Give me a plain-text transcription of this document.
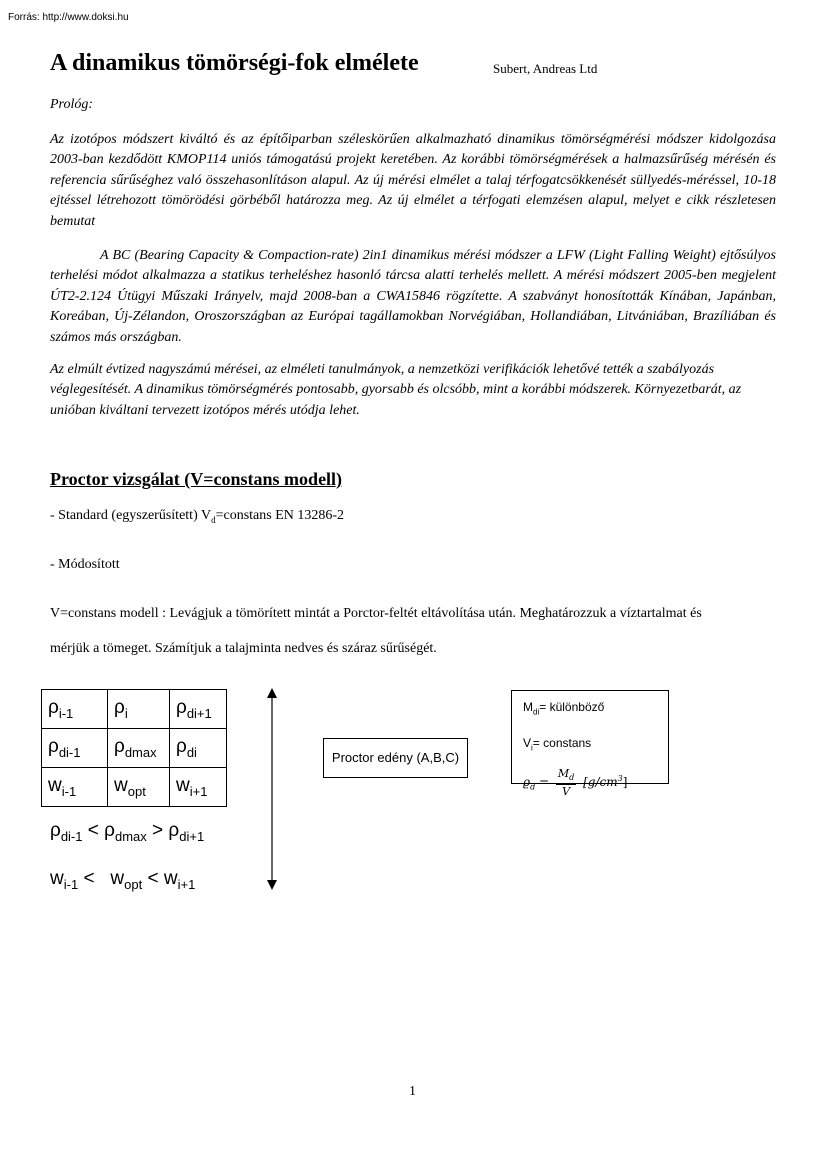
Forrás: http://www.doksi.hu
A dinamikus tömörségi-fok elmélete	Subert, Andreas Ltd
Prológ:

Az izotópos módszert kiváltó és az építőiparban széleskörűen alkalmazható dinamikus tömörségmérési módszer kidolgozása 2003-ban kezdődött KMOP114 uniós támogatású projekt keretében. Az korábbi tömörségmérések a halmazsűrűség mérésén és referencia sűrűséghez való összehasonlításon alapul. Az új mérési elmélet a talaj térfogatcsökkenését süllyedés-méréssel, 10-18 ejtéssel létrehozott tömörödési görbéből határozza meg. Az új elmélet a térfogati elemzésen alapul, melyet e cikk részletesen bemutat

A BC (Bearing Capacity & Compaction-rate) 2in1 dinamikus mérési módszer a LFW (Light Falling Weight) ejtősúlyos terhelési módot alkalmazza a statikus terheléshez hasonló tárcsa alatti terhelés mellett. A mérési módszert 2005-ben megjelent ÚT2-2.124 Útügyi Műszaki Irányelv, majd 2008-ban a CWA15846 rögzítette. A szabványt honosították Kínában, Japánban, Koreában, Új-Zélandon, Oroszországban az Európai tagállamokban Norvégiában, Hollandiában, Litvániában, Brazíliában és számos más országban.

Az elmúlt évtized nagyszámú mérései, az elméleti tanulmányok, a nemzetközi verifikációk lehetővé tették a szabályozás véglegesítését. A dinamikus tömörségmérés pontosabb, gyorsabb és olcsóbb, mint a korábbi módszerek. Környezetbarát, az unióban kiváltani tervezett izotópos mérés utódja lehet.

Proctor vizsgálat (V=constans modell)
- Standard (egyszerűsített) $V_d=constans$ EN 13286-2
- Módosított
V=constans modell : Levágjuk a tömörített mintát a Porctor-feltét eltávolítása után. Meghatározzuk a víztartalmat és
mérjük a tömeget. Számítjuk a talajminta nedves és száraz sűrűségét.
$\rho_{i-1}$	$\rho_i$	$\rho_{di+1}$
$\rho_{di-1}$	$\rho_{dmax}$	$\rho_{di}$
$w_{i-1}$	$w_{opt}$	$w_{i+1}$
$\rho_{di-1} < \rho_{dmax} > \rho_{di+1}$
$w_{i-1} < w_{opt} < w_{i+1}$
Proctor edény (A,B,C)
$M_{di}=$ különböző
$V_i=$ constans
$ϱ_d = \frac{M_d}{V} [g/cm^3]$
1
